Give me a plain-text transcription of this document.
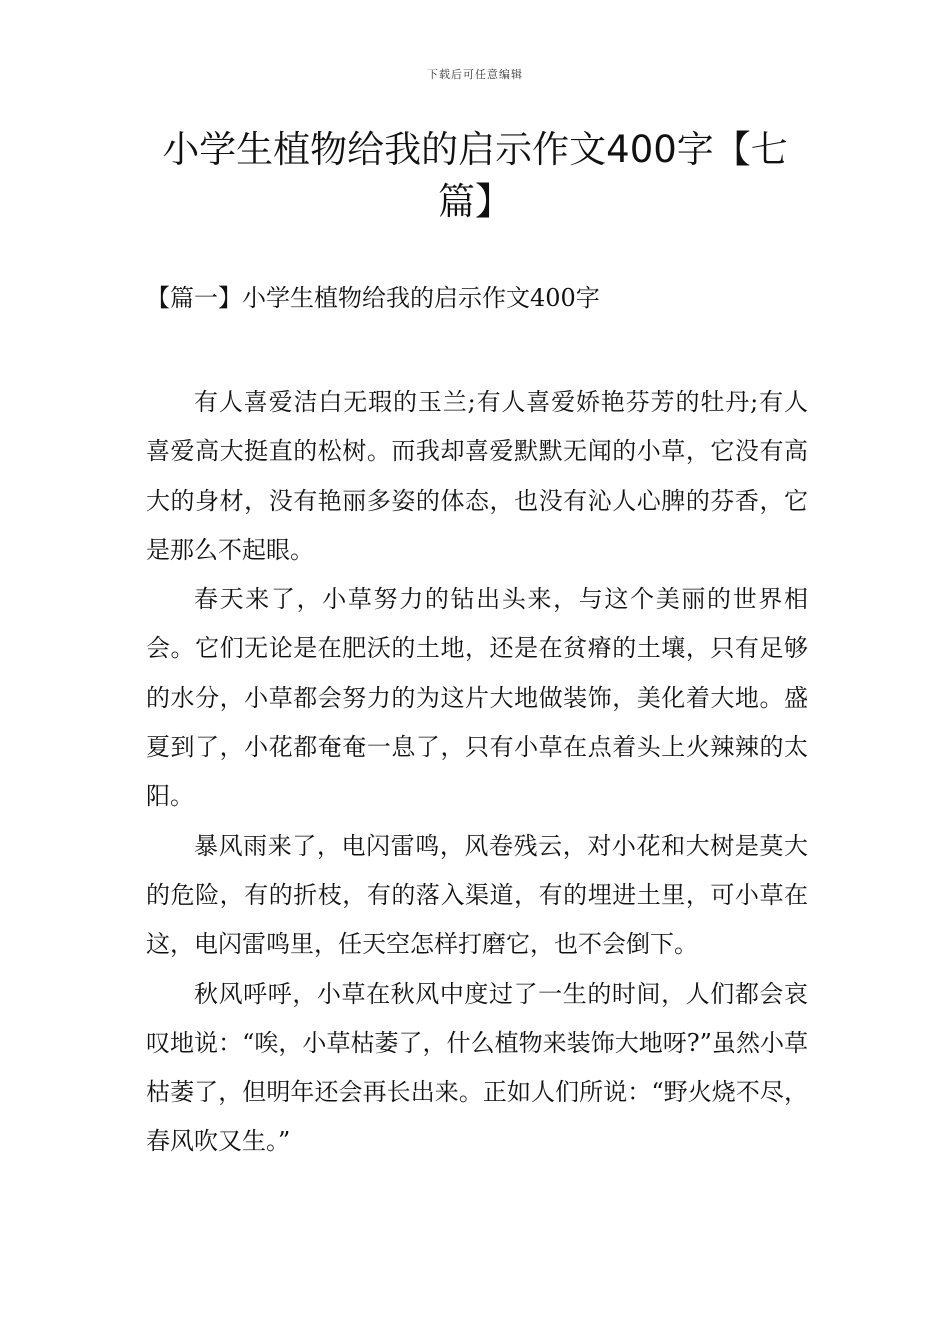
下载后可任意编辑
小学生植物给我的启示作文400字【七篇】
【篇一】小学生植物给我的启示作文400字

有人喜爱洁白无瑕的玉兰;有人喜爱娇艳芬芳的牡丹;有人喜爱高大挺直的松树。而我却喜爱默默无闻的小草，它没有高大的身材，没有艳丽多姿的体态，也没有沁人心脾的芬香，它是那么不起眼。

春天来了，小草努力的钻出头来，与这个美丽的世界相会。它们无论是在肥沃的土地，还是在贫瘠的土壤，只有足够的水分，小草都会努力的为这片大地做装饰，美化着大地。盛夏到了，小花都奄奄一息了，只有小草在点着头上火辣辣的太阳。

暴风雨来了，电闪雷鸣，风卷残云，对小花和大树是莫大的危险，有的折枝，有的落入渠道，有的埋进土里，可小草在这，电闪雷鸣里，任天空怎样打磨它，也不会倒下。

秋风呼呼，小草在秋风中度过了一生的时间，人们都会哀叹地说：“唉，小草枯萎了，什么植物来装饰大地呀?”虽然小草枯萎了，但明年还会再长出来。正如人们所说：“野火烧不尽，春风吹又生。”
